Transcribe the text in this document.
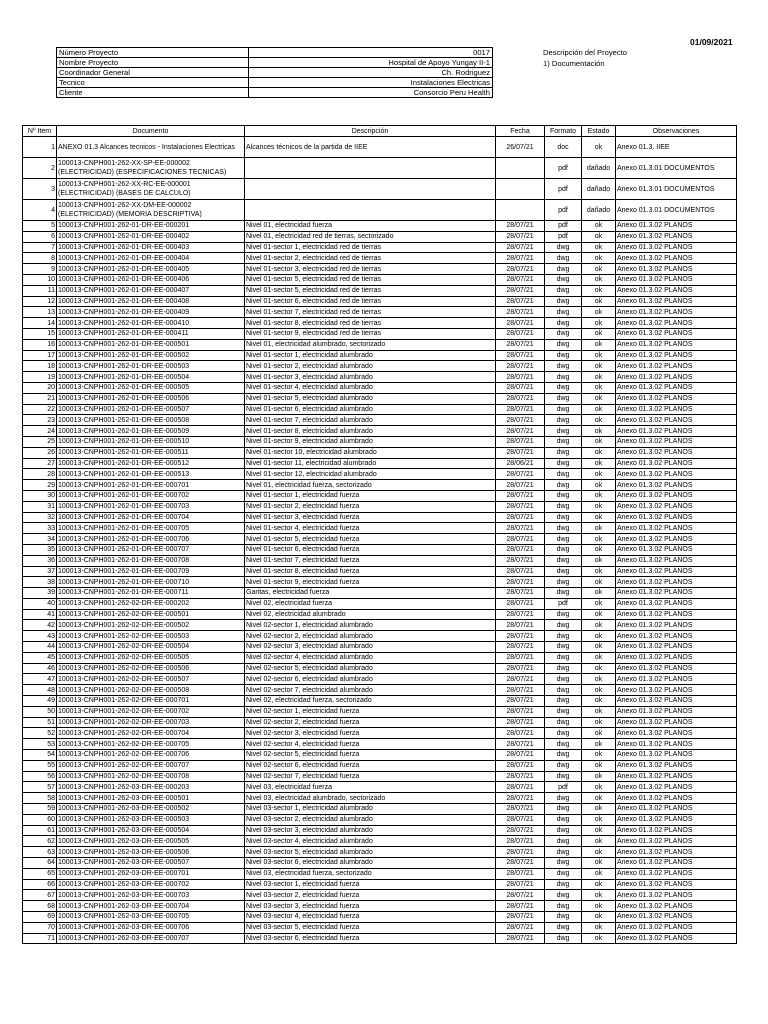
01/09/2021
Número Proyecto	0017
Nombre Proyecto	Hospital de Apoyo Yungay II-1
Coordinador General	Ch. Rodriguez
Tecnico	Instalaciones Electricas
Cliente	Consorcio Peru Health
Descripción del Proyecto
1) Documentación
Nº Item	Documento	Descripción	Fecha	Formato	Estado	Observaciones
1	ANEXO 01.3 Alcances tecnicos - Instalaciones Electricas	Alcances técnicos de la partida de IIEE	26/07/21	doc	ok	Anexo 01.3. IIEE
2	100013-CNPH001-262-XX-SP-EE-000002 (ELECTRICIDAD) (ESPECIFICACIONES TECNICAS)			pdf	dañado	Anexo 01.3.01 DOCUMENTOS
3	100013-CNPH001-262-XX-RC-EE-000001 (ELECTRICIDAD) (BASES DE CALCULO)			pdf	dañado	Anexo 01.3.01 DOCUMENTOS
4	100013-CNPH001-262-XX-DM-EE-000002 (ELECTRICIDAD) (MEMORIA DESCRIPTIVA)			pdf	dañado	Anexo 01.3.01 DOCUMENTOS
5	100013-CNPH001-262-01-DR-EE-000201	Nivel 01, electricidad fuerza	28/07/21	pdf	ok	Anexo 01.3.02 PLANOS
6	100013-CNPH001-262-01-DR-EE-000402	Nivel 01, electricidad red de tierras, sectorizado	28/07/21	pdf	ok	Anexo 01.3.02 PLANOS
7	100013-CNPH001-262-01-DR-EE-000403	Nivel 01-sector 1, electricidad red de tierras	28/07/21	dwg	ok	Anexo 01.3.02 PLANOS
8	100013-CNPH001-262-01-DR-EE-000404	Nivel 01-sector 2, electricidad red de tierras	28/07/21	dwg	ok	Anexo 01.3.02 PLANOS
9	100013-CNPH001-262-01-DR-EE-000405	Nivel 01-sector 3, electricidad red de tierras	28/07/21	dwg	ok	Anexo 01.3.02 PLANOS
10	100013-CNPH001-262-01-DR-EE-000406	Nivel 01-sector 5, electricidad red de tierras	28/07/21	dwg	ok	Anexo 01.3.02 PLANOS
11	100013-CNPH001-262-01-DR-EE-000407	Nivel 01-sector 5, electricidad red de tierras	28/07/21	dwg	ok	Anexo 01.3.02 PLANOS
12	100013-CNPH001-262-01-DR-EE-000408	Nivel 01-sector 6, electricidad red de tierras	28/07/21	dwg	ok	Anexo 01.3.02 PLANOS
13	100013-CNPH001-262-01-DR-EE-000409	Nivel 01-sector 7, electricidad red de tierras	28/07/21	dwg	ok	Anexo 01.3.02 PLANOS
14	100013-CNPH001-262-01-DR-EE-000410	Nivel 01-sector 8, electricidad red de tierras	28/07/21	dwg	ok	Anexo 01.3.02 PLANOS
15	100013-CNPH001-262-01-DR-EE-000411	Nivel 01-sector 9, electricidad red de tierras	28/07/21	dwg	ok	Anexo 01.3.02 PLANOS
16	100013-CNPH001-262-01-DR-EE-000501	Nivel 01, electricidad alumbrado, sectorizado	28/07/21	dwg	ok	Anexo 01.3.02 PLANOS
17	100013-CNPH001-262-01-DR-EE-000502	Nivel 01-sector 1, electricidad alumbrado	28/07/21	dwg	ok	Anexo 01.3.02 PLANOS
18	100013-CNPH001-262-01-DR-EE-000503	Nivel 01-sector 2, electricidad alumbrado	28/07/21	dwg	ok	Anexo 01.3.02 PLANOS
19	100013-CNPH001-262-01-DR-EE-000504	Nivel 01-sector 3, electricidad alumbrado	28/07/21	dwg	ok	Anexo 01.3.02 PLANOS
20	100013-CNPH001-262-01-DR-EE-000505	Nivel 01-sector 4, electricidad alumbrado	28/07/21	dwg	ok	Anexo 01.3.02 PLANOS
21	100013-CNPH001-262-01-DR-EE-000506	Nivel 01-sector 5, electricidad alumbrado	28/07/21	dwg	ok	Anexo 01.3.02 PLANOS
22	100013-CNPH001-262-01-DR-EE-000507	Nivel 01-sector 6, electricidad alumbrado	28/07/21	dwg	ok	Anexo 01.3.02 PLANOS
23	100013-CNPH001-262-01-DR-EE-000508	Nivel 01-sector 7, electricidad alumbrado	28/07/21	dwg	ok	Anexo 01.3.02 PLANOS
24	100013-CNPH001-262-01-DR-EE-000509	Nivel 01-sector 8, electricidad alumbrado	28/07/21	dwg	ok	Anexo 01.3.02 PLANOS
25	100013-CNPH001-262-01-DR-EE-000510	Nivel 01-sector 9, electricidad alumbrado	28/07/21	dwg	ok	Anexo 01.3.02 PLANOS
26	100013-CNPH001-262-01-DR-EE-000511	Nivel 01-sector 10, electricidad alumbrado	28/07/21	dwg	ok	Anexo 01.3.02 PLANOS
27	100013-CNPH001-262-01-DR-EE-000512	Nivel 01-sector 11, electricidad alumbrado	28/06/21	dwg	ok	Anexo 01.3.02 PLANOS
28	100013-CNPH001-262-01-DR-EE-000513	Nivel 01-sector 12, electricidad alumbrado	28/07/21	dwg	ok	Anexo 01.3.02 PLANOS
29	100013-CNPH001-262-01-DR-EE-000701	Nivel 01, electricidad fuerza, sectorizado	28/07/21	dwg	ok	Anexo 01.3.02 PLANOS
30	100013-CNPH001-262-01-DR-EE-000702	Nivel 01-sector 1, electricidad fuerza	28/07/21	dwg	ok	Anexo 01.3.02 PLANOS
31	100013-CNPH001-262-01-DR-EE-000703	Nivel 01-sector 2, electricidad fuerza	28/07/21	dwg	ok	Anexo 01.3.02 PLANOS
32	100013-CNPH001-262-01-DR-EE-000704	Nivel 01-sector 3, electricidad fuerza	28/07/21	dwg	ok	Anexo 01.3.02 PLANOS
33	100013-CNPH001-262-01-DR-EE-000705	Nivel 01-sector 4, electricidad fuerza	28/07/21	dwg	ok	Anexo 01.3.02 PLANOS
34	100013-CNPH001-262-01-DR-EE-000706	Nivel 01-sector 5, electricidad fuerza	28/07/21	dwg	ok	Anexo 01.3.02 PLANOS
35	100013-CNPH001-262-01-DR-EE-000707	Nivel 01-sector 6, electricidad fuerza	28/07/21	dwg	ok	Anexo 01.3.02 PLANOS
36	100013-CNPH001-262-01-DR-EE-000708	Nivel 01-sector 7, electricidad fuerza	28/07/21	dwg	ok	Anexo 01.3.02 PLANOS
37	100013-CNPH001-262-01-DR-EE-000709	Nivel 01-sector 8, electricidad fuerza	28/07/21	dwg	ok	Anexo 01.3.02 PLANOS
38	100013-CNPH001-262-01-DR-EE-000710	Nivel 01-sector 9, electricidad fuerza	28/07/21	dwg	ok	Anexo 01.3.02 PLANOS
39	100013-CNPH001-262-01-DR-EE-000711	Garitas, electricidad fuerza	28/07/21	dwg	ok	Anexo 01.3.02 PLANOS
40	100013-CNPH001-262-02-DR-EE-000202	Nivel 02, electricidad fuerza	28/07/21	pdf	ok	Anexo 01.3.02 PLANOS
41	100013-CNPH001-262-02-DR-EE-000501	Nivel 02, electricidad alumbrado	28/07/21	dwg	ok	Anexo 01.3.02 PLANOS
42	100013-CNPH001-262-02-DR-EE-000502	Nivel 02-sector 1, electricidad alumbrado	28/07/21	dwg	ok	Anexo 01.3.02 PLANOS
43	100013-CNPH001-262-02-DR-EE-000503	Nivel 02-sector 2, electricidad alumbrado	28/07/21	dwg	ok	Anexo 01.3.02 PLANOS
44	100013-CNPH001-262-02-DR-EE-000504	Nivel 02-sector 3, electricidad alumbrado	28/07/21	dwg	ok	Anexo 01.3.02 PLANOS
45	100013-CNPH001-262-02-DR-EE-000505	Nivel 02-sector 4, electricidad alumbrado	28/07/21	dwg	ok	Anexo 01.3.02 PLANOS
46	100013-CNPH001-262-02-DR-EE-000506	Nivel 02-sector 5, electricidad alumbrado	28/07/21	dwg	ok	Anexo 01.3.02 PLANOS
47	100013-CNPH001-262-02-DR-EE-000507	Nivel 02-sector 6, electricidad alumbrado	28/07/21	dwg	ok	Anexo 01.3.02 PLANOS
48	100013-CNPH001-262-02-DR-EE-000508	Nivel 02-sector 7, electricidad alumbrado	28/07/21	dwg	ok	Anexo 01.3.02 PLANOS
49	100013-CNPH001-262-02-DR-EE-000701	Nivel 02, electricidad fuerza, sectorizado	28/07/21	dwg	ok	Anexo 01.3.02 PLANOS
50	100013-CNPH001-262-02-DR-EE-000702	Nivel 02-sector 1, electricidad fuerza	28/07/21	dwg	ok	Anexo 01.3.02 PLANOS
51	100013-CNPH001-262-02-DR-EE-000703	Nivel 02-sector 2, electricidad fuerza	28/07/21	dwg	ok	Anexo 01.3.02 PLANOS
52	100013-CNPH001-262-02-DR-EE-000704	Nivel 02-sector 3, electricidad fuerza	28/07/21	dwg	ok	Anexo 01.3.02 PLANOS
53	100013-CNPH001-262-02-DR-EE-000705	Nivel 02-sector 4, electricidad fuerza	28/07/21	dwg	ok	Anexo 01.3.02 PLANOS
54	100013-CNPH001-262-02-DR-EE-000706	Nivel 02-sector 5, electricidad fuerza	28/07/21	dwg	ok	Anexo 01.3.02 PLANOS
55	100013-CNPH001-262-02-DR-EE-000707	Nivel 02-sector 6, electricidad fuerza	28/07/21	dwg	ok	Anexo 01.3.02 PLANOS
56	100013-CNPH001-262-02-DR-EE-000708	Nivel 02-sector 7, electricidad fuerza	28/07/21	dwg	ok	Anexo 01.3.02 PLANOS
57	100013-CNPH001-262-03-DR-EE-000203	Nivel 03, electricidad fuerza	28/07/21	pdf	ok	Anexo 01.3.02 PLANOS
58	100013-CNPH001-262-03-DR-EE-000501	Nivel 03, electricidad alumbrado, sectorizado	28/07/21	dwg	ok	Anexo 01.3.02 PLANOS
59	100013-CNPH001-262-03-DR-EE-000502	Nivel 03-sector 1, electricidad alumbrado	28/07/21	dwg	ok	Anexo 01.3.02 PLANOS
60	100013-CNPH001-262-03-DR-EE-000503	Nivel 03-sector 2, electricidad alumbrado	28/07/21	dwg	ok	Anexo 01.3.02 PLANOS
61	100013-CNPH001-262-03-DR-EE-000504	Nivel 03-sector 3, electricidad alumbrado	28/07/21	dwg	ok	Anexo 01.3.02 PLANOS
62	100013-CNPH001-262-03-DR-EE-000505	Nivel 03-sector 4, electricidad alumbrado	28/07/21	dwg	ok	Anexo 01.3.02 PLANOS
63	100013-CNPH001-262-03-DR-EE-000506	Nivel 03-sector 5, electricidad alumbrado	28/07/21	dwg	ok	Anexo 01.3.02 PLANOS
64	100013-CNPH001-262-03-DR-EE-000507	Nivel 03-sector 6, electricidad alumbrado	28/07/21	dwg	ok	Anexo 01.3.02 PLANOS
65	100013-CNPH001-262-03-DR-EE-000701	Nivel 03, electricidad fuerza, sectorizado	28/07/21	dwg	ok	Anexo 01.3.02 PLANOS
66	100013-CNPH001-262-03-DR-EE-000702	Nivel 03-sector 1, electricidad fuerza	28/07/21	dwg	ok	Anexo 01.3.02 PLANOS
67	100013-CNPH001-262-03-DR-EE-000703	Nivel 03-sector 2, electricidad fuerza	28/07/21	dwg	ok	Anexo 01.3.02 PLANOS
68	100013-CNPH001-262-03-DR-EE-000704	Nivel 03-sector 3, electricidad fuerza	28/07/21	dwg	ok	Anexo 01.3.02 PLANOS
69	100013-CNPH001-262-03-DR-EE-000705	Nivel 03-sector 4, electricidad fuerza	28/07/21	dwg	ok	Anexo 01.3.02 PLANOS
70	100013-CNPH001-262-03-DR-EE-000706	Nivel 03-sector 5, electricidad fuerza	28/07/21	dwg	ok	Anexo 01.3.02 PLANOS
71	100013-CNPH001-262-03-DR-EE-000707	Nivel 03-sector 6, electricidad fuerza	28/07/21	dwg	ok	Anexo 01.3.02 PLANOS
